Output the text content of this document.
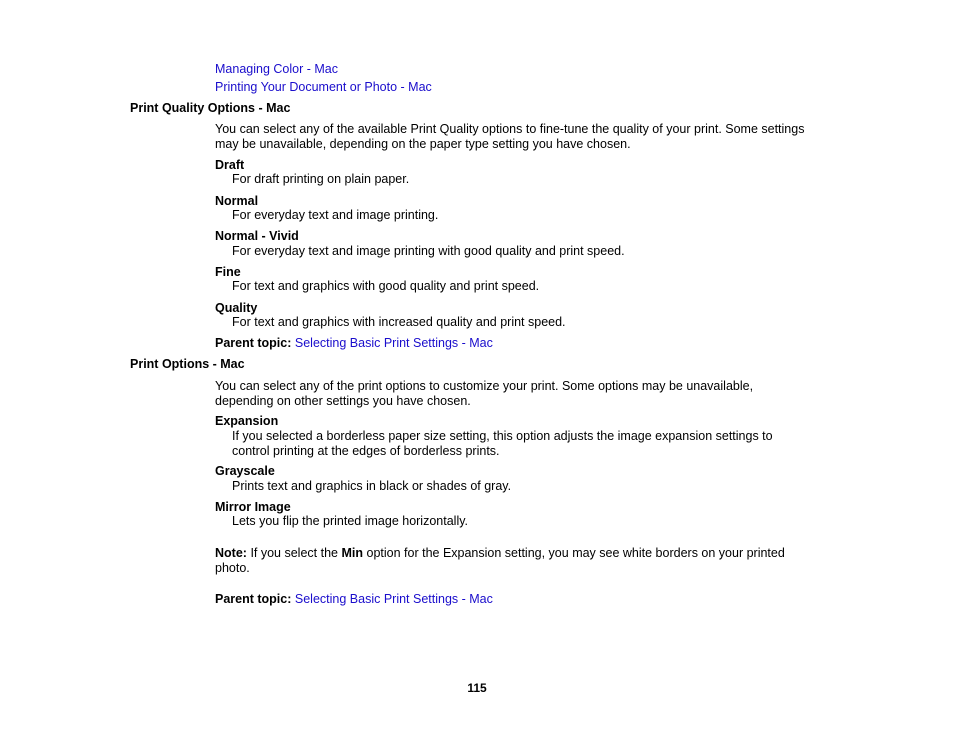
Managing Color - Mac
Printing Your Document or Photo - Mac
Print Quality Options - Mac
You can select any of the available Print Quality options to fine-tune the quality of your print. Some settings may be unavailable, depending on the paper type setting you have chosen.
Draft
For draft printing on plain paper.
Normal
For everyday text and image printing.
Normal - Vivid
For everyday text and image printing with good quality and print speed.
Fine
For text and graphics with good quality and print speed.
Quality
For text and graphics with increased quality and print speed.
Parent topic: Selecting Basic Print Settings - Mac
Print Options - Mac
You can select any of the print options to customize your print. Some options may be unavailable, depending on other settings you have chosen.
Expansion
If you selected a borderless paper size setting, this option adjusts the image expansion settings to control printing at the edges of borderless prints.
Grayscale
Prints text and graphics in black or shades of gray.
Mirror Image
Lets you flip the printed image horizontally.
Note: If you select the Min option for the Expansion setting, you may see white borders on your printed photo.
Parent topic: Selecting Basic Print Settings - Mac
115
